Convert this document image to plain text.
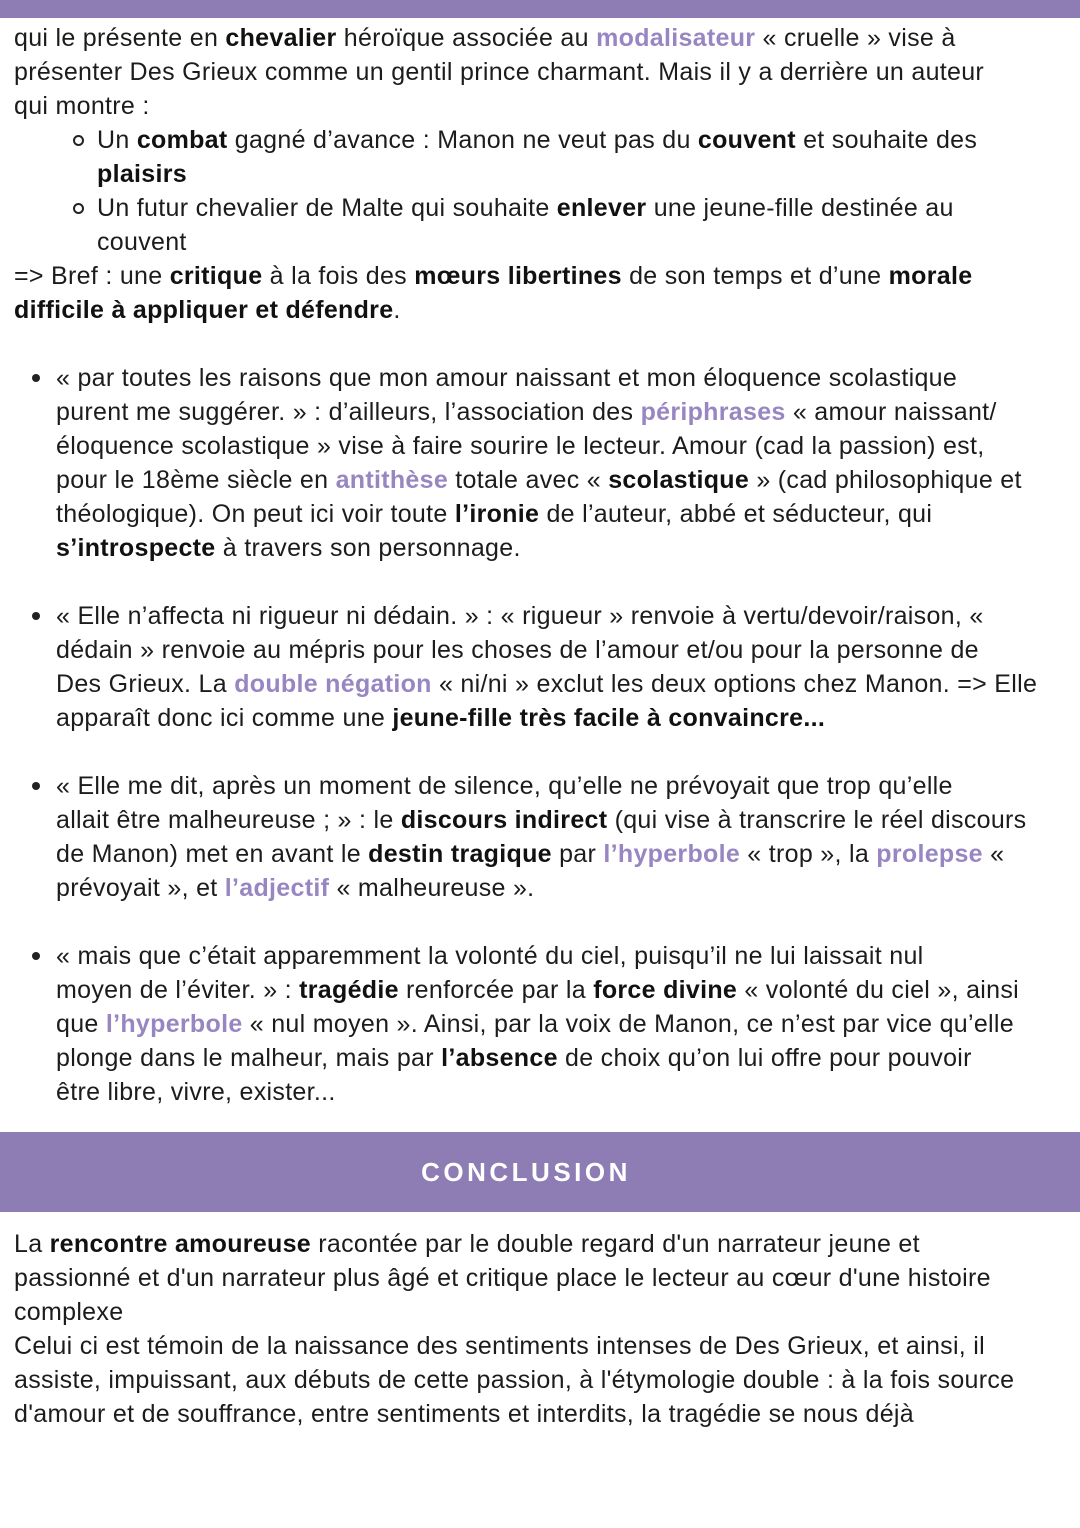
qui le présente en chevalier héroïque associée au modalisateur « cruelle » vise à
présenter Des Grieux comme un gentil prince charmant. Mais il y a derrière un auteur
qui montre :
Un combat gagné d’avance : Manon ne veut pas du couvent et souhaite des
plaisirs
Un futur chevalier de Malte qui souhaite enlever une jeune-fille destinée au
couvent
=> Bref : une critique à la fois des mœurs libertines de son temps et d’une morale
difficile à appliquer et défendre.
« par toutes les raisons que mon amour naissant et mon éloquence scolastique
purent me suggérer. » : d’ailleurs, l’association des périphrases « amour naissant/
éloquence scolastique » vise à faire sourire le lecteur. Amour (cad la passion) est,
pour le 18ème siècle en antithèse totale avec « scolastique » (cad philosophique et
théologique). On peut ici voir toute l’ironie de l’auteur, abbé et séducteur, qui
s’introspecte à travers son personnage.
« Elle n’affecta ni rigueur ni dédain. » : « rigueur » renvoie à vertu/devoir/raison, «
dédain » renvoie au mépris pour les choses de l’amour et/ou pour la personne de
Des Grieux. La double négation « ni/ni » exclut les deux options chez Manon. => Elle
apparaît donc ici comme une jeune-fille très facile à convaincre...
« Elle me dit, après un moment de silence, qu’elle ne prévoyait que trop qu’elle
allait être malheureuse ; » : le discours indirect (qui vise à transcrire le réel discours
de Manon) met en avant le destin tragique par l’hyperbole « trop », la prolepse «
prévoyait », et l’adjectif « malheureuse ».
« mais que c’était apparemment la volonté du ciel, puisqu’il ne lui laissait nul
moyen de l’éviter. » : tragédie renforcée par la force divine « volonté du ciel », ainsi
que l’hyperbole « nul moyen ». Ainsi, par la voix de Manon, ce n’est par vice qu’elle
plonge dans le malheur, mais par l’absence de choix qu’on lui offre pour pouvoir
être libre, vivre, exister...
CONCLUSION
La rencontre amoureuse racontée par le double regard d'un narrateur jeune et
passionné et d'un narrateur plus âgé et critique place le lecteur au cœur d'une histoire
complexe
Celui ci est témoin de la naissance des sentiments intenses de Des Grieux, et ainsi, il
assiste, impuissant, aux débuts de cette passion, à l'étymologie double : à la fois source
d'amour et de souffrance, entre sentiments et interdits, la tragédie se nous déjà
